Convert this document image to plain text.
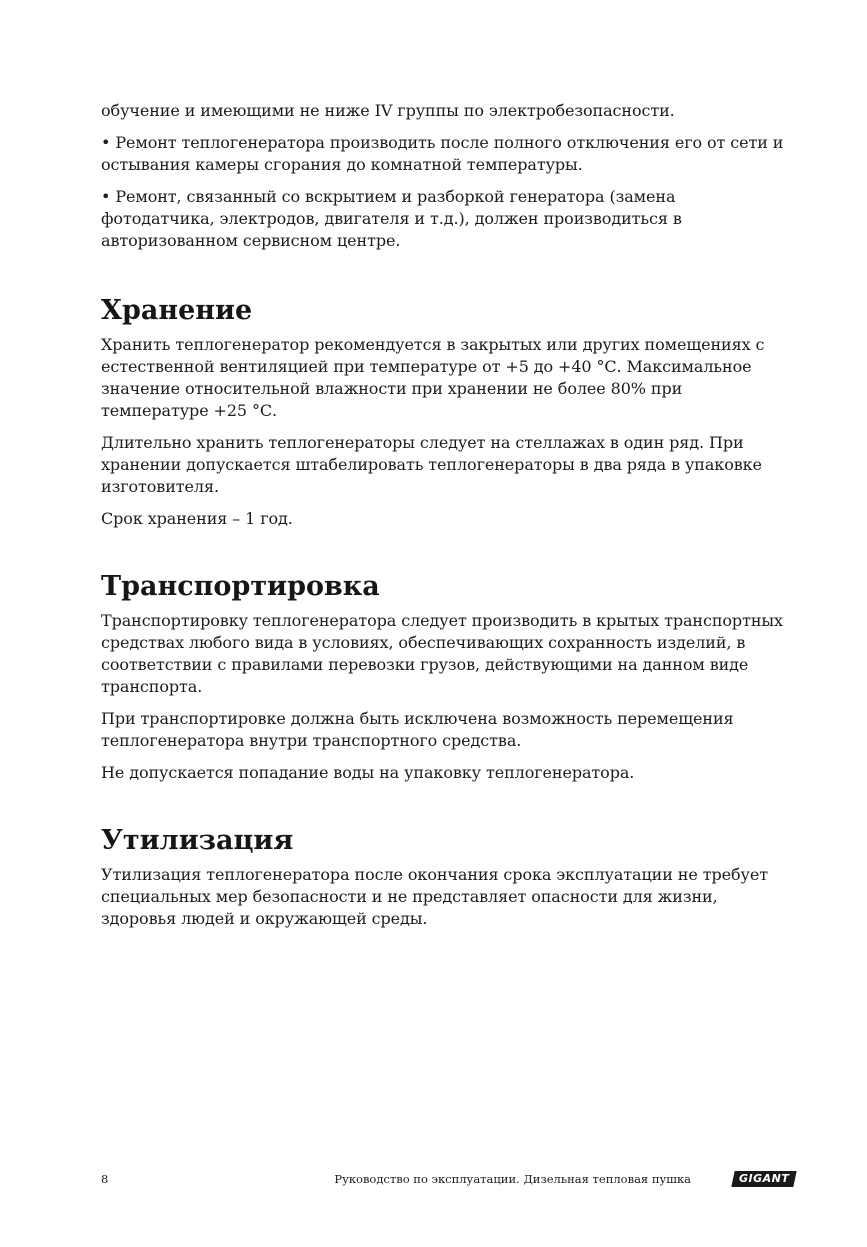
обучение и имеющими не ниже IV группы по электробезопасности.

• Ремонт теплогенератора производить после полного отключения его от сети и остывания камеры сгорания до комнатной температуры.

• Ремонт, связанный со вскрытием и разборкой генератора (замена фотодатчика, электродов, двигателя и т.д.), должен производиться в авторизованном сервисном центре.

Хранение

Хранить теплогенератор рекомендуется в закрытых или других помещениях с естественной вентиляцией при температуре от +5 до +40 °С. Максимальное значение относительной влажности при хранении не более 80% при температуре +25 °С.

Длительно хранить теплогенераторы следует на стеллажах в один ряд. При хранении допускается штабелировать теплогенераторы в два ряда в упаковке изготовителя.

Срок хранения – 1 год.

Транспортировка

Транспортировку теплогенератора следует производить в крытых транспортных средствах любого вида в условиях, обеспечивающих сохранность изделий, в соответствии с правилами перевозки грузов, действующими на данном виде транспорта.

При транспортировке должна быть исключена возможность перемещения теплогенератора внутри транспортного средства.

Не допускается попадание воды на упаковку теплогенератора.

Утилизация

Утилизация теплогенератора после окончания срока эксплуатации не требует специальных мер безопасности и не представляет опасности для жизни, здоровья людей и окружающей среды.

8	Руководство по эксплуатации. Дизельная тепловая пушка	GIGANT
